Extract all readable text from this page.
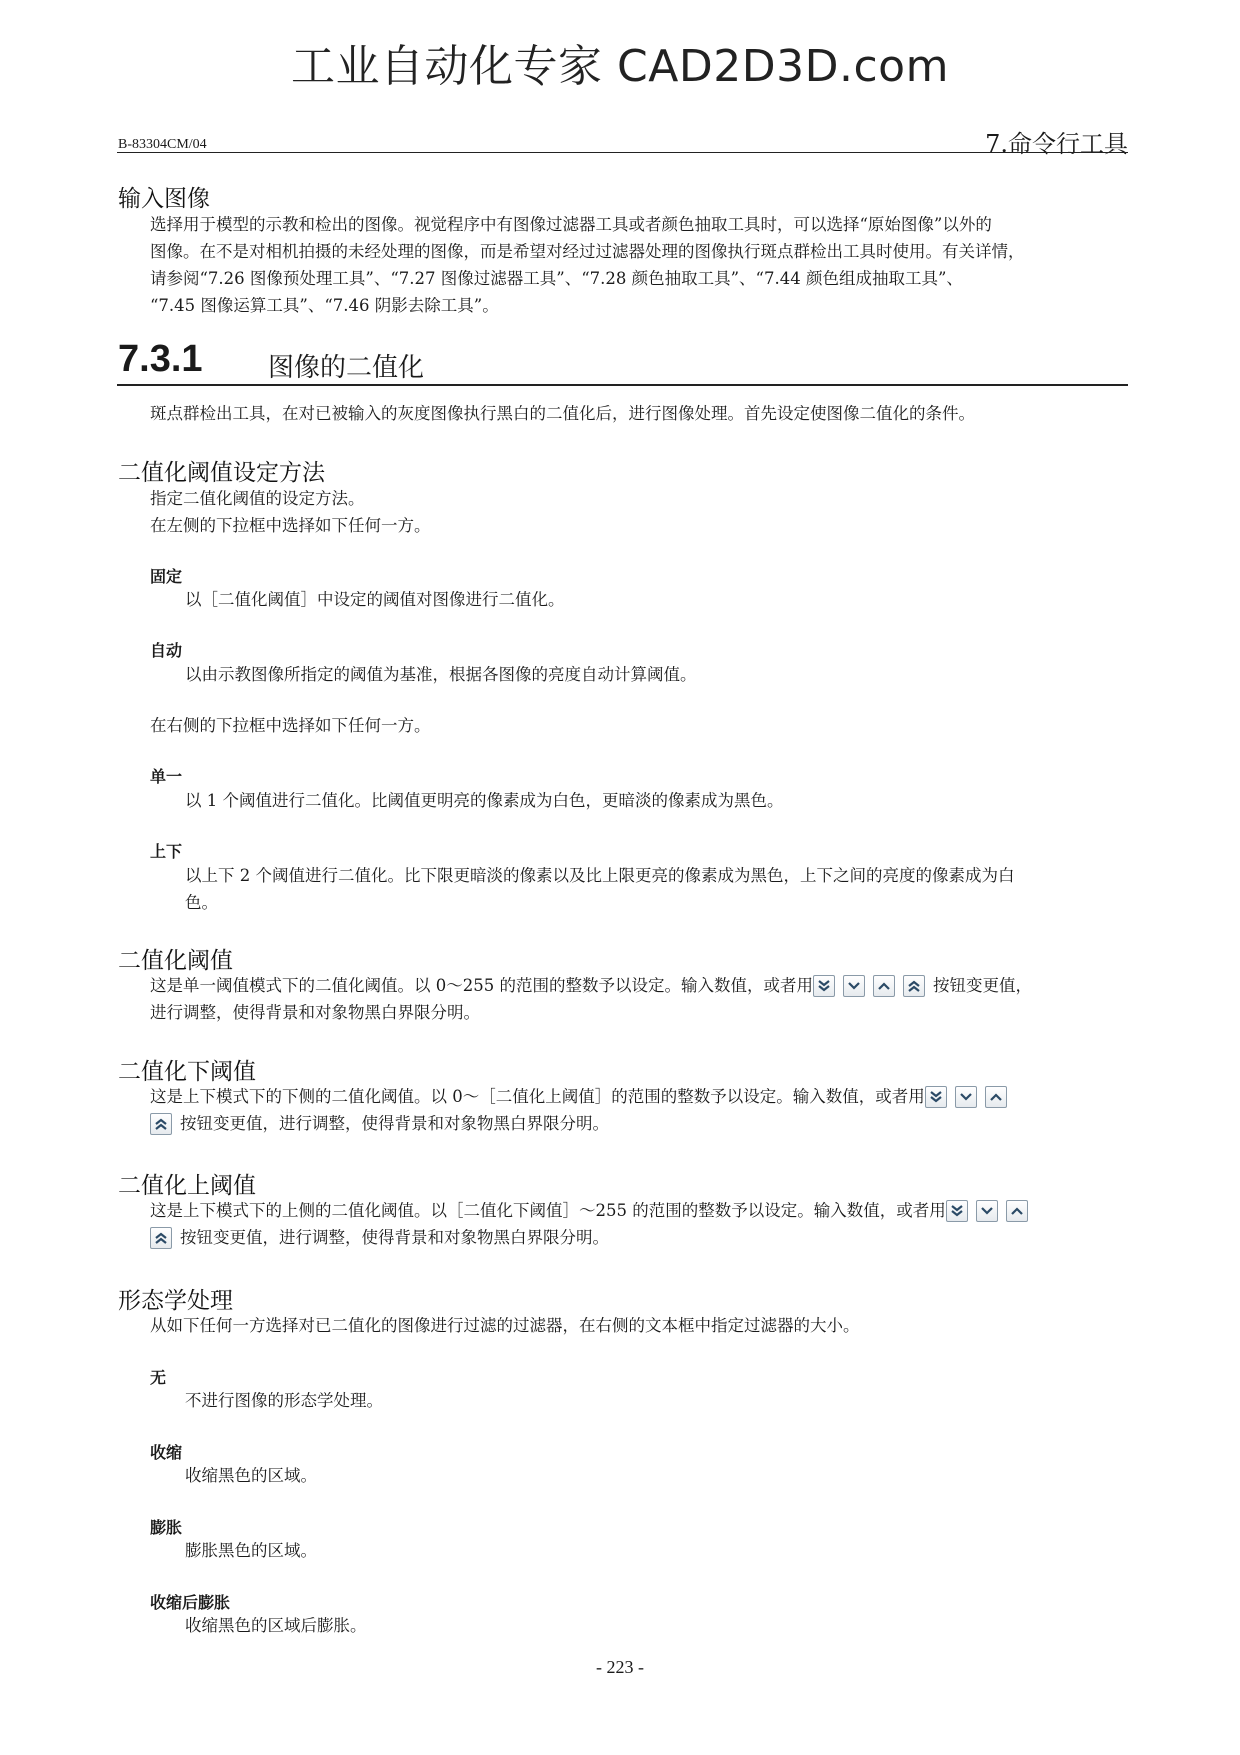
工业自动化专家 CAD2D3D.com
B-83304CM/04	7.命令行工具
输入图像
选择用于模型的示教和检出的图像。视觉程序中有图像过滤器工具或者颜色抽取工具时，可以选择“原始图像”以外的
图像。在不是对相机拍摄的未经处理的图像，而是希望对经过过滤器处理的图像执行斑点群检出工具时使用。有关详情，
请参阅“7.26 图像预处理工具”、“7.27 图像过滤器工具”、“7.28 颜色抽取工具”、“7.44 颜色组成抽取工具”、
“7.45 图像运算工具”、“7.46 阴影去除工具”。
7.3.1	图像的二值化
斑点群检出工具，在对已被输入的灰度图像执行黑白的二值化后，进行图像处理。首先设定使图像二值化的条件。
二值化阈值设定方法
指定二值化阈值的设定方法。
在左侧的下拉框中选择如下任何一方。
固定
以［二值化阈值］中设定的阈值对图像进行二值化。
自动
以由示教图像所指定的阈值为基准，根据各图像的亮度自动计算阈值。
在右侧的下拉框中选择如下任何一方。
单一
以 1 个阈值进行二值化。比阈值更明亮的像素成为白色，更暗淡的像素成为黑色。
上下
以上下 2 个阈值进行二值化。比下限更暗淡的像素以及比上限更亮的像素成为黑色，上下之间的亮度的像素成为白
色。
二值化阈值
这是单一阈值模式下的二值化阈值。以 0～255 的范围的整数予以设定。输入数值，或者用	按钮变更值，
进行调整，使得背景和对象物黑白界限分明。
二值化下阈值
这是上下模式下的下侧的二值化阈值。以 0～［二值化上阈值］的范围的整数予以设定。输入数值，或者用
按钮变更值，进行调整，使得背景和对象物黑白界限分明。
二值化上阈值
这是上下模式下的上侧的二值化阈值。以［二值化下阈值］～255 的范围的整数予以设定。输入数值，或者用
按钮变更值，进行调整，使得背景和对象物黑白界限分明。
形态学处理
从如下任何一方选择对已二值化的图像进行过滤的过滤器，在右侧的文本框中指定过滤器的大小。
无
不进行图像的形态学处理。
收缩
收缩黑色的区域。
膨胀
膨胀黑色的区域。
收缩后膨胀
收缩黑色的区域后膨胀。
- 223 -
